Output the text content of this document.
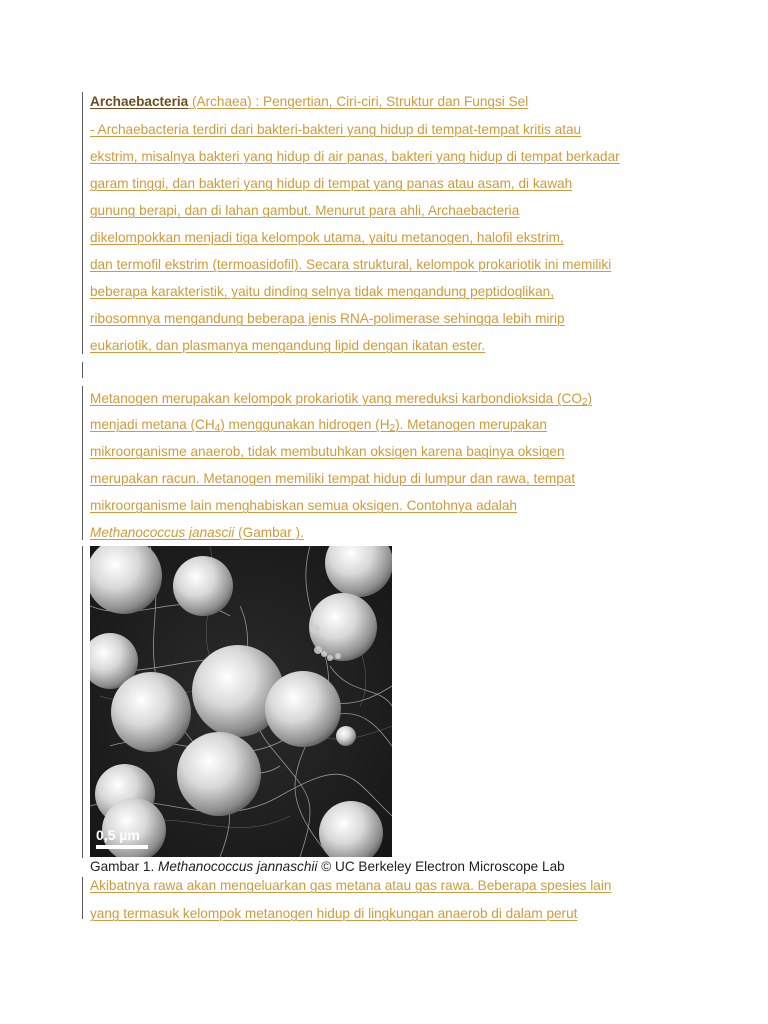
Archaebacteria (Archaea) : Pengertian, Ciri-ciri, Struktur dan Fungsi Sel
- Archaebacteria terdiri dari bakteri-bakteri yang hidup di tempat-tempat kritis atau
ekstrim, misalnya bakteri yang hidup di air panas, bakteri yang hidup di tempat berkadar
garam tinggi, dan bakteri yang hidup di tempat yang panas atau asam, di kawah
gunung berapi, dan di lahan gambut. Menurut para ahli, Archaebacteria
dikelompokkan menjadi tiga kelompok utama, yaitu metanogen, halofil ekstrim,
dan termofil ekstrim (termoasidofil). Secara struktural, kelompok prokariotik ini memiliki
beberapa karakteristik, yaitu dinding selnya tidak mengandung peptidoglikan,
ribosomnya mengandung beberapa jenis RNA-polimerase sehingga lebih mirip
eukariotik, dan plasmanya mengandung lipid dengan ikatan ester.
Metanogen merupakan kelompok prokariotik yang mereduksi karbondioksida $(CO_2)$
menjadi metana $(CH_4)$ menggunakan hidrogen $(H_2)$. Metanogen merupakan
mikroorganisme anaerob, tidak membutuhkan oksigen karena baginya oksigen
merupakan racun. Metanogen memiliki tempat hidup di lumpur dan rawa, tempat
mikroorganisme lain menghabiskan semua oksigen. Contohnya adalah
Methanococcus janascii (Gambar ).
0,5 µm
Gambar 1. Methanococcus jannaschii © UC Berkeley Electron Microscope Lab
Akibatnya rawa akan mengeluarkan gas metana atau gas rawa. Beberapa spesies lain
yang termasuk kelompok metanogen hidup di lingkungan anaerob di dalam perut
